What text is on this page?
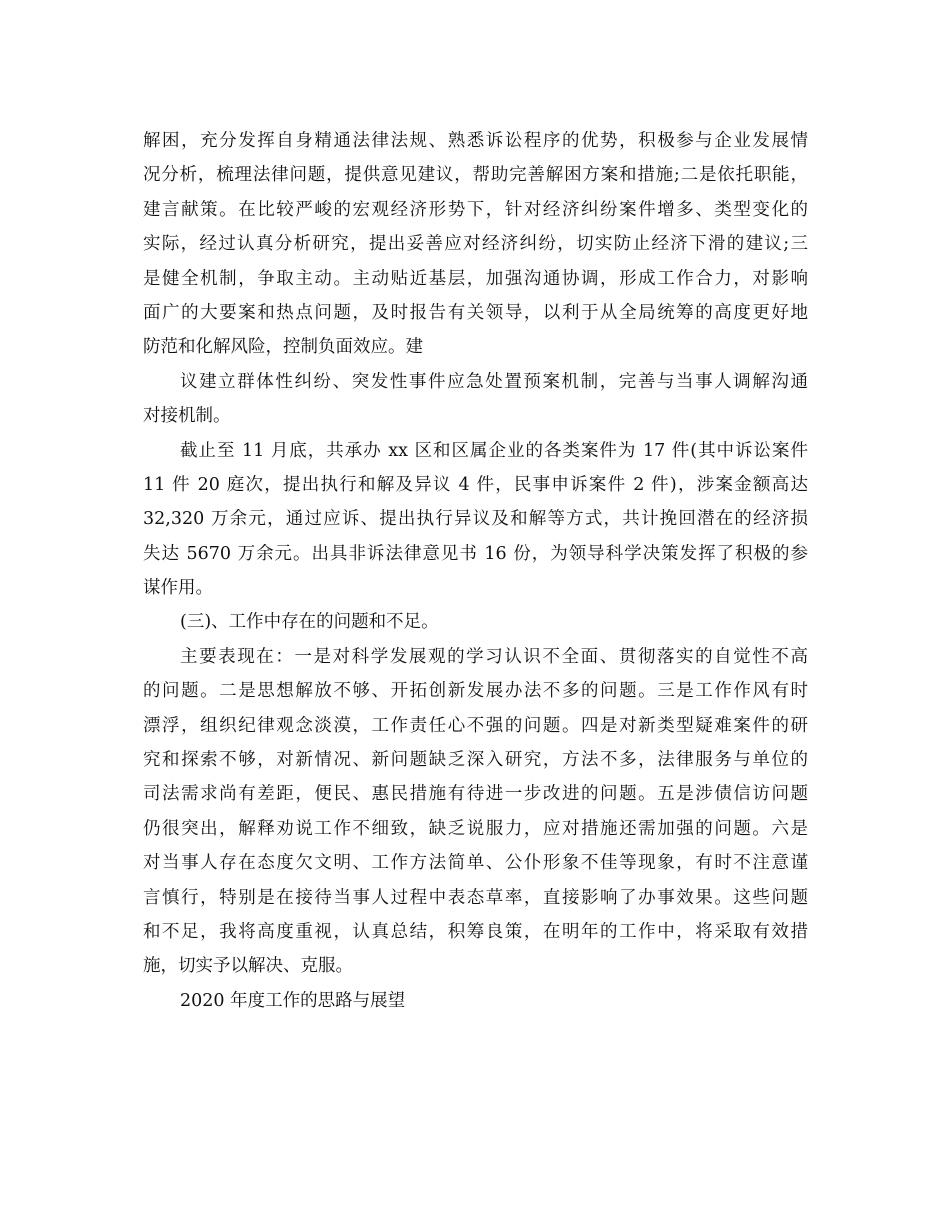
解困，充分发挥自身精通法律法规、熟悉诉讼程序的优势，积极参与企业发展情
况分析，梳理法律问题，提供意见建议，帮助完善解困方案和措施;二是依托职能，
建言献策。在比较严峻的宏观经济形势下，针对经济纠纷案件增多、类型变化的
实际，经过认真分析研究，提出妥善应对经济纠纷，切实防止经济下滑的建议;三
是健全机制，争取主动。主动贴近基层，加强沟通协调，形成工作合力，对影响
面广的大要案和热点问题，及时报告有关领导，以利于从全局统筹的高度更好地
防范和化解风险，控制负面效应。建
议建立群体性纠纷、突发性事件应急处置预案机制，完善与当事人调解沟通
对接机制。
截止至 11 月底，共承办 xx 区和区属企业的各类案件为 17 件(其中诉讼案件
11 件 20 庭次，提出执行和解及异议 4 件，民事申诉案件 2 件)，涉案金额高达
32,320 万余元，通过应诉、提出执行异议及和解等方式，共计挽回潜在的经济损
失达 5670 万余元。出具非诉法律意见书 16 份，为领导科学决策发挥了积极的参
谋作用。
(三)、工作中存在的问题和不足。
主要表现在：一是对科学发展观的学习认识不全面、贯彻落实的自觉性不高
的问题。二是思想解放不够、开拓创新发展办法不多的问题。三是工作作风有时
漂浮，组织纪律观念淡漠，工作责任心不强的问题。四是对新类型疑难案件的研
究和探索不够，对新情况、新问题缺乏深入研究，方法不多，法律服务与单位的
司法需求尚有差距，便民、惠民措施有待进一步改进的问题。五是涉债信访问题
仍很突出，解释劝说工作不细致，缺乏说服力，应对措施还需加强的问题。六是
对当事人存在态度欠文明、工作方法简单、公仆形象不佳等现象，有时不注意谨
言慎行，特别是在接待当事人过程中表态草率，直接影响了办事效果。这些问题
和不足，我将高度重视，认真总结，积筹良策，在明年的工作中，将采取有效措
施，切实予以解决、克服。
2020 年度工作的思路与展望
